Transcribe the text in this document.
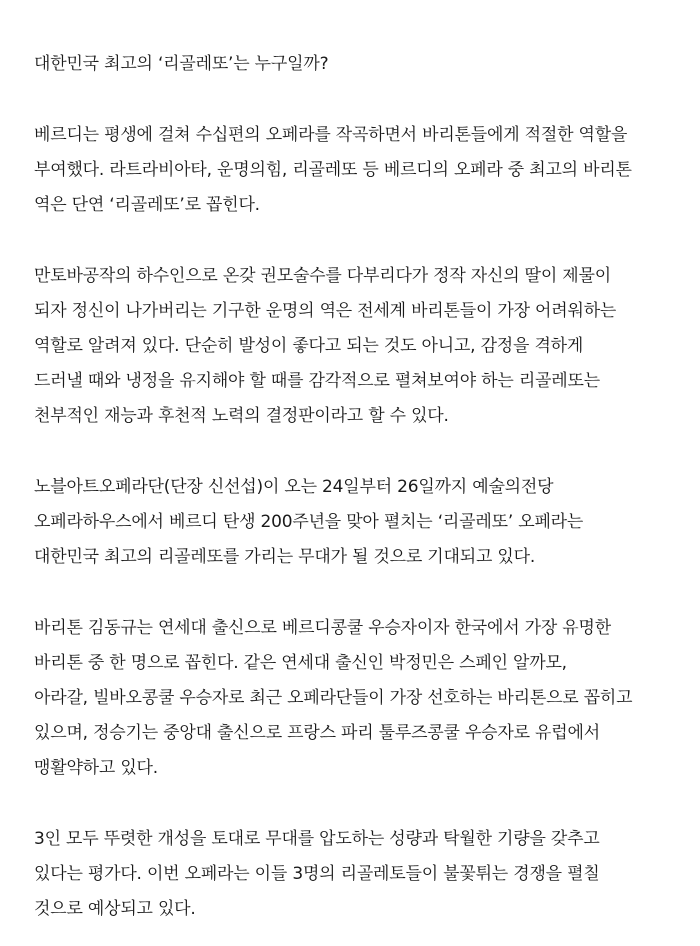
대한민국 최고의 ‘리골레또’는 누구일까?
베르디는 평생에 걸쳐 수십편의 오페라를 작곡하면서 바리톤들에게 적절한 역할을
부여했다. 라트라비아타, 운명의힘, 리골레또 등 베르디의 오페라 중 최고의 바리톤
역은 단연 ‘리골레또’로 꼽힌다.
만토바공작의 하수인으로 온갖 권모술수를 다부리다가 정작 자신의 딸이 제물이
되자 정신이 나가버리는 기구한 운명의 역은 전세계 바리톤들이 가장 어려워하는
역할로 알려져 있다. 단순히 발성이 좋다고 되는 것도 아니고, 감정을 격하게
드러낼 때와 냉정을 유지해야 할 때를 감각적으로 펼쳐보여야 하는 리골레또는
천부적인 재능과 후천적 노력의 결정판이라고 할 수 있다.
노블아트오페라단(단장 신선섭)이 오는 24일부터 26일까지 예술의전당
오페라하우스에서 베르디 탄생 200주년을 맞아 펼치는 ‘리골레또’ 오페라는
대한민국 최고의 리골레또를 가리는 무대가 될 것으로 기대되고 있다.
바리톤 김동규는 연세대 출신으로 베르디콩쿨 우승자이자 한국에서 가장 유명한
바리톤 중 한 명으로 꼽힌다. 같은 연세대 출신인 박정민은 스페인 알까모,
아라갈, 빌바오콩쿨 우승자로 최근 오페라단들이 가장 선호하는 바리톤으로 꼽히고
있으며, 정승기는 중앙대 출신으로 프랑스 파리 툴루즈콩쿨 우승자로 유럽에서
맹활약하고 있다.
3인 모두 뚜렷한 개성을 토대로 무대를 압도하는 성량과 탁월한 기량을 갖추고
있다는 평가다. 이번 오페라는 이들 3명의 리골레토들이 불꽃튀는 경쟁을 펼칠
것으로 예상되고 있다.
